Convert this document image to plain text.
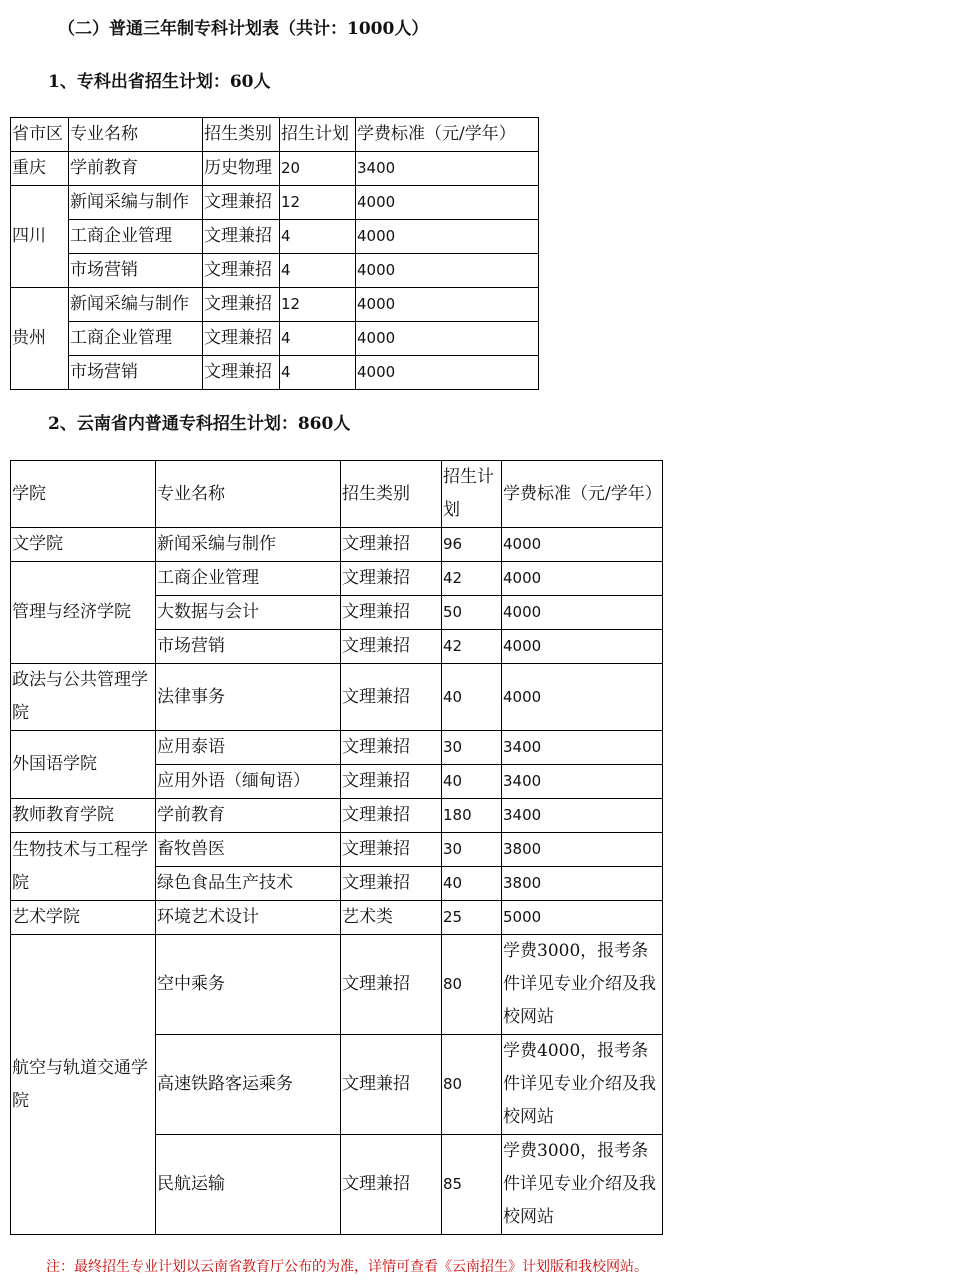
（二）普通三年制专科计划表（共计：1000人）
1、专科出省招生计划：60人
省市区	专业名称	招生类别	招生计划	学费标准（元/学年）
重庆	学前教育	历史物理	20	3400
四川	新闻采编与制作	文理兼招	12	4000
	工商企业管理	文理兼招	4	4000
	市场营销	文理兼招	4	4000
贵州	新闻采编与制作	文理兼招	12	4000
	工商企业管理	文理兼招	4	4000
	市场营销	文理兼招	4	4000
2、云南省内普通专科招生计划：860人
学院	专业名称	招生类别	招生计划	学费标准（元/学年）
文学院	新闻采编与制作	文理兼招	96	4000
管理与经济学院	工商企业管理	文理兼招	42	4000
	大数据与会计	文理兼招	50	4000
	市场营销	文理兼招	42	4000
政法与公共管理学院	法律事务	文理兼招	40	4000
外国语学院	应用泰语	文理兼招	30	3400
	应用外语（缅甸语）	文理兼招	40	3400
教师教育学院	学前教育	文理兼招	180	3400
生物技术与工程学院	畜牧兽医	文理兼招	30	3800
	绿色食品生产技术	文理兼招	40	3800
艺术学院	环境艺术设计	艺术类	25	5000
航空与轨道交通学院	空中乘务	文理兼招	80	学费3000，报考条件详见专业介绍及我校网站
	高速铁路客运乘务	文理兼招	80	学费4000，报考条件详见专业介绍及我校网站
	民航运输	文理兼招	85	学费3000，报考条件详见专业介绍及我校网站

注：最终招生专业计划以云南省教育厅公布的为准，详情可查看《云南招生》计划版和我校网站。
